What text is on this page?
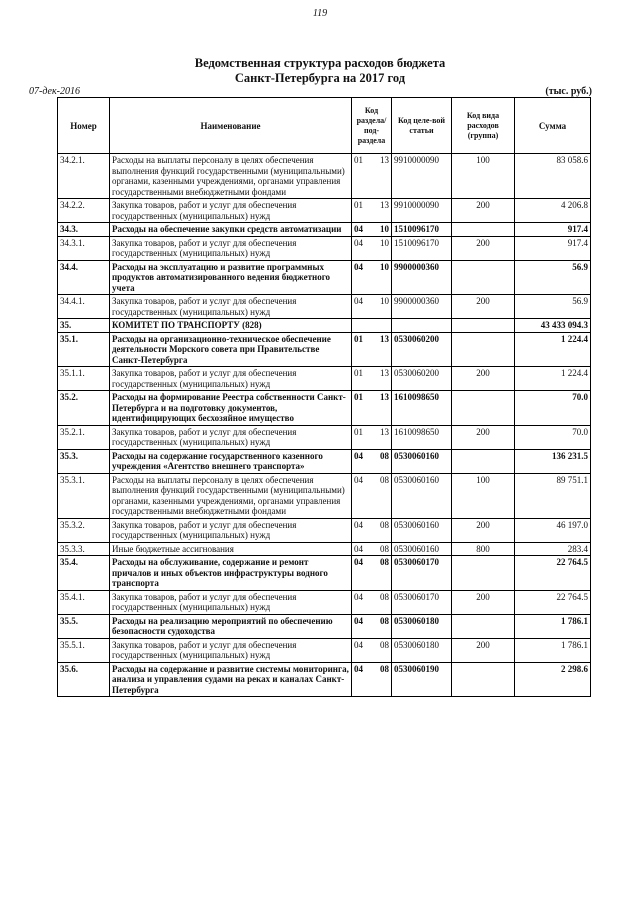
119
Ведомственная структура расходов бюджета
Санкт-Петербурга на 2017 год
07-дек-2016	(тыс. руб.)
Номер	Наименование	Код раздела/ под-раздела	Код целе-вой статьи	Код вида расходов (группа)	Сумма
34.2.1.	Расходы на выплаты персоналу в целях обеспечения выполнения функций государственными (муниципальными) органами, казенными учреждениями, органами управления государственными внебюджетными фондами	01 13	9910000090	100	83 058.6
34.2.2.	Закупка товаров, работ и услуг для обеспечения государственных (муниципальных) нужд	01 13	9910000090	200	4 206.8
34.3.	Расходы на обеспечение закупки средств автоматизации	04 10	1510096170		917.4
34.3.1.	Закупка товаров, работ и услуг для обеспечения государственных (муниципальных) нужд	04 10	1510096170	200	917.4
34.4.	Расходы на эксплуатацию и развитие программных продуктов автоматизированного ведения бюджетного учета	04 10	9900000360		56.9
34.4.1.	Закупка товаров, работ и услуг для обеспечения государственных (муниципальных) нужд	04 10	9900000360	200	56.9
35.	КОМИТЕТ ПО ТРАНСПОРТУ (828)				43 433 094.3
35.1.	Расходы на организационно-техническое обеспечение деятельности Морского совета при Правительстве Санкт-Петербурга	01 13	0530060200		1 224.4
35.1.1.	Закупка товаров, работ и услуг для обеспечения государственных (муниципальных) нужд	01 13	0530060200	200	1 224.4
35.2.	Расходы на формирование Реестра собственности Санкт-Петербурга и на подготовку документов, идентифицирующих бесхозяйное имущество	01 13	1610098650		70.0
35.2.1.	Закупка товаров, работ и услуг для обеспечения государственных (муниципальных) нужд	01 13	1610098650	200	70.0
35.3.	Расходы на содержание государственного казенного учреждения «Агентство внешнего транспорта»	04 08	0530060160		136 231.5
35.3.1.	Расходы на выплаты персоналу в целях обеспечения выполнения функций государственными (муниципальными) органами, казенными учреждениями, органами управления государственными внебюджетными фондами	04 08	0530060160	100	89 751.1
35.3.2.	Закупка товаров, работ и услуг для обеспечения государственных (муниципальных) нужд	04 08	0530060160	200	46 197.0
35.3.3.	Иные бюджетные ассигнования	04 08	0530060160	800	283.4
35.4.	Расходы на обслуживание, содержание и ремонт причалов и иных объектов инфраструктуры водного транспорта	04 08	0530060170		22 764.5
35.4.1.	Закупка товаров, работ и услуг для обеспечения государственных (муниципальных) нужд	04 08	0530060170	200	22 764.5
35.5.	Расходы на реализацию мероприятий по обеспечению безопасности судоходства	04 08	0530060180		1 786.1
35.5.1.	Закупка товаров, работ и услуг для обеспечения государственных (муниципальных) нужд	04 08	0530060180	200	1 786.1
35.6.	Расходы на содержание и развитие системы мониторинга, анализа и управления судами на реках и каналах Санкт-Петербурга	04 08	0530060190		2 298.6
